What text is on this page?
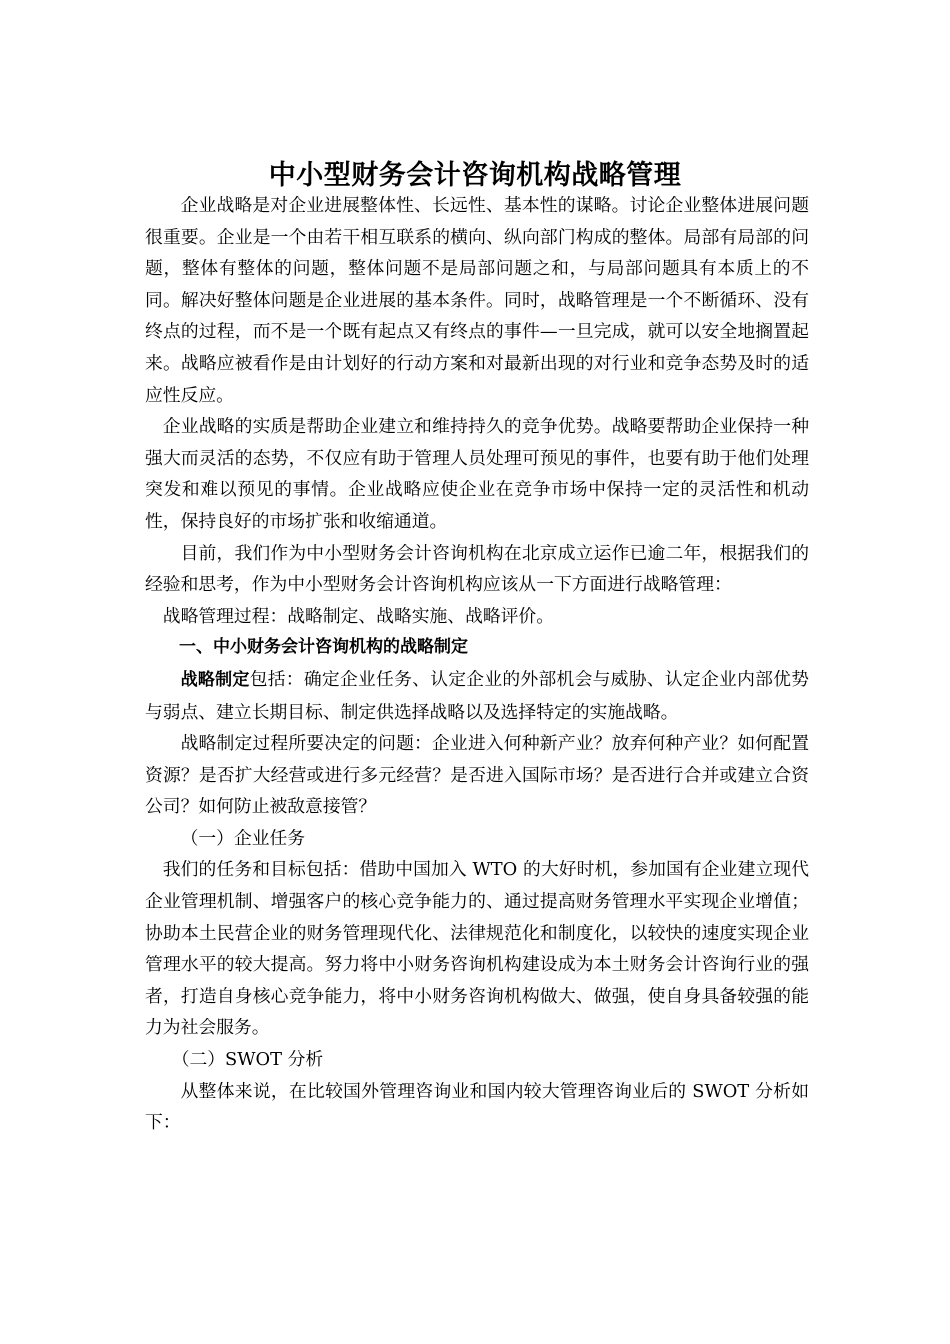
中小型财务会计咨询机构战略管理

企业战略是对企业进展整体性、长远性、基本性的谋略。讨论企业整体进展问题很重要。企业是一个由若干相互联系的横向、纵向部门构成的整体。局部有局部的问题，整体有整体的问题，整体问题不是局部问题之和，与局部问题具有本质上的不同。解决好整体问题是企业进展的基本条件。同时，战略管理是一个不断循环、没有终点的过程，而不是一个既有起点又有终点的事件—一旦完成，就可以安全地搁置起来。战略应被看作是由计划好的行动方案和对最新出现的对行业和竞争态势及时的适应性反应。

企业战略的实质是帮助企业建立和维持持久的竞争优势。战略要帮助企业保持一种强大而灵活的态势，不仅应有助于管理人员处理可预见的事件，也要有助于他们处理突发和难以预见的事情。企业战略应使企业在竞争市场中保持一定的灵活性和机动性，保持良好的市场扩张和收缩通道。

目前，我们作为中小型财务会计咨询机构在北京成立运作已逾二年，根据我们的经验和思考，作为中小型财务会计咨询机构应该从一下方面进行战略管理：

战略管理过程：战略制定、战略实施、战略评价。

一、中小财务会计咨询机构的战略制定

战略制定包括：确定企业任务、认定企业的外部机会与威胁、认定企业内部优势与弱点、建立长期目标、制定供选择战略以及选择特定的实施战略。

战略制定过程所要决定的问题：企业进入何种新产业？放弃何种产业？如何配置资源？是否扩大经营或进行多元经营？是否进入国际市场？是否进行合并或建立合资公司？如何防止被敌意接管？

（一）企业任务

我们的任务和目标包括：借助中国加入 WTO 的大好时机，参加国有企业建立现代企业管理机制、增强客户的核心竞争能力的、通过提高财务管理水平实现企业增值；协助本土民营企业的财务管理现代化、法律规范化和制度化，以较快的速度实现企业管理水平的较大提高。努力将中小财务咨询机构建设成为本土财务会计咨询行业的强者，打造自身核心竞争能力，将中小财务咨询机构做大、做强，使自身具备较强的能力为社会服务。

（二）SWOT 分析

从整体来说，在比较国外管理咨询业和国内较大管理咨询业后的 SWOT 分析如下：
